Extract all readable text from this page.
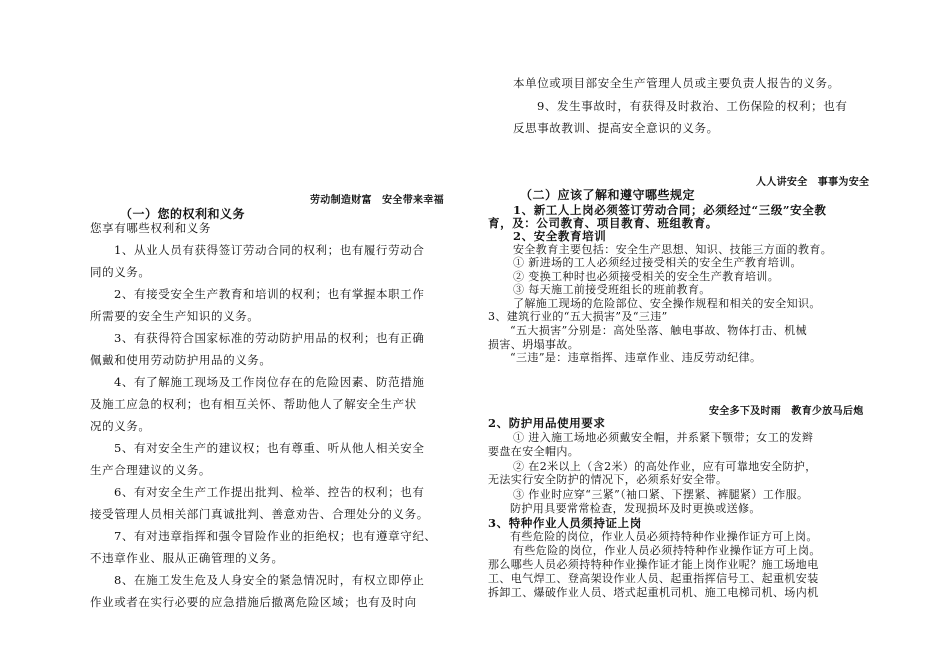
本单位或项目部安全生产管理人员或主要负责人报告的义务。
9、发生事故时，有获得及时救治、工伤保险的权利；也有
反思事故教训、提高安全意识的义务。
劳动制造财富　安全带来幸福
（一）您的权利和义务
您享有哪些权利和义务
1、从业人员有获得签订劳动合同的权利；也有履行劳动合
同的义务。
2、有接受安全生产教育和培训的权利；也有掌握本职工作
所需要的安全生产知识的义务。
3、有获得符合国家标准的劳动防护用品的权利；也有正确
佩戴和使用劳动防护用品的义务。
4、有了解施工现场及工作岗位存在的危险因素、防范措施
及施工应急的权利；也有相互关怀、帮助他人了解安全生产状
况的义务。
5、有对安全生产的建议权；也有尊重、听从他人相关安全
生产合理建议的义务。
6、有对安全生产工作提出批判、检举、控告的权利；也有
接受管理人员相关部门真诚批判、善意劝告、合理处分的义务。
7、有对违章指挥和强令冒险作业的拒绝权；也有遵章守纪、
不违章作业、服从正确管理的义务。
8、在施工发生危及人身安全的紧急情况时，有权立即停止
作业或者在实行必要的应急措施后撤离危险区域；也有及时向
人人讲安全　事事为安全
（二）应该了解和遵守哪些规定
1、新工人上岗必须签订劳动合同；必须经过“三级”安全教
育，及：公司教育、项目教育、班组教育。
2、安全教育培训
安全教育主要包括：安全生产思想、知识、技能三方面的教育。
① 新进场的工人必须经过接受相关的安全生产教育培训。
② 变换工种时也必须接受相关的安全生产教育培训。
③ 每天施工前接受班组长的班前教育。
了解施工现场的危险部位、安全操作规程和相关的安全知识。
3、建筑行业的“五大损害”及“三违”
“五大损害”分别是：高处坠落、触电事故、物体打击、机械
损害、坍塌事故。
“三违”是：违章指挥、违章作业、违反劳动纪律。
安全多下及时雨　教育少放马后炮
2、防护用品使用要求
① 进入施工场地必须戴安全帽，并系紧下颚带；女工的发辫
要盘在安全帽内。
② 在2米以上（含2米）的高处作业，应有可靠地安全防护，
无法实行安全防护的情况下，必须系好安全带。
③ 作业时应穿“三紧”（袖口紧、下摆紧、裤腿紧）工作服。
防护用具要常常检查，发现损坏及时更换或送修。
3、特种作业人员须持证上岗
有些危险的岗位，作业人员必须持特种作业操作证方可上岗。
有些危险的岗位，作业人员必须持特种作业操作证方可上岗。
那么哪些人员必须持特种作业操作证才能上岗作业呢？施工场地电
工、电气焊工、登高架设作业人员、起重指挥信号工、起重机安装
拆卸工、爆破作业人员、塔式起重机司机、施工电梯司机、场内机
